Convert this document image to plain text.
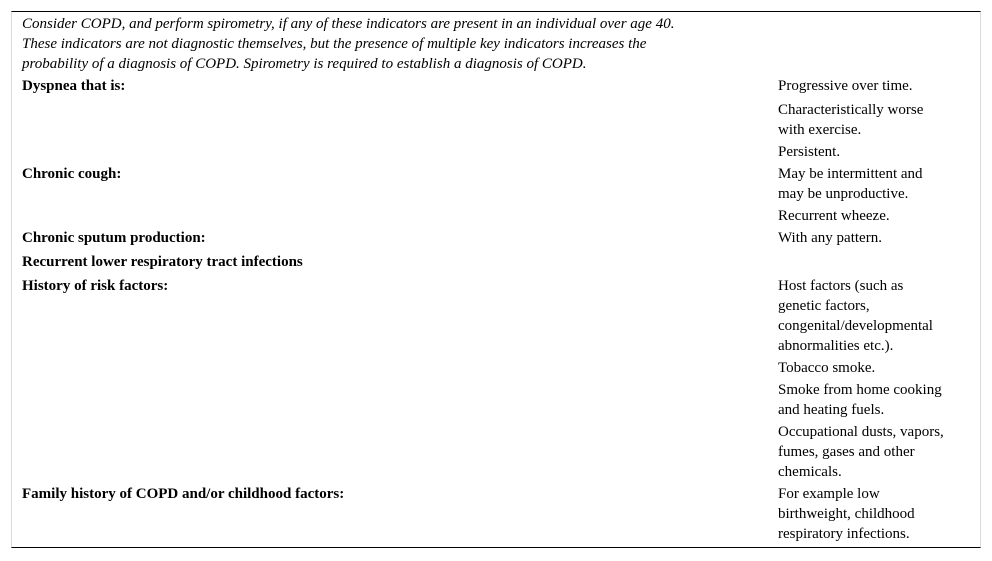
Consider COPD, and perform spirometry, if any of these indicators are present in an individual over age 40.
These indicators are not diagnostic themselves, but the presence of multiple key indicators increases the
probability of a diagnosis of COPD. Spirometry is required to establish a diagnosis of COPD.
Dyspnea that is:
Chronic cough:
Chronic sputum production:
Recurrent lower respiratory tract infections
History of risk factors:
Family history of COPD and/or childhood factors:
Progressive over time.
Characteristically worse
with exercise.
Persistent.
May be intermittent and
may be unproductive.
Recurrent wheeze.
With any pattern.
Host factors (such as
genetic factors,
congenital/developmental
abnormalities etc.).
Tobacco smoke.
Smoke from home cooking
and heating fuels.
Occupational dusts, vapors,
fumes, gases and other
chemicals.
For example low
birthweight, childhood
respiratory infections.
